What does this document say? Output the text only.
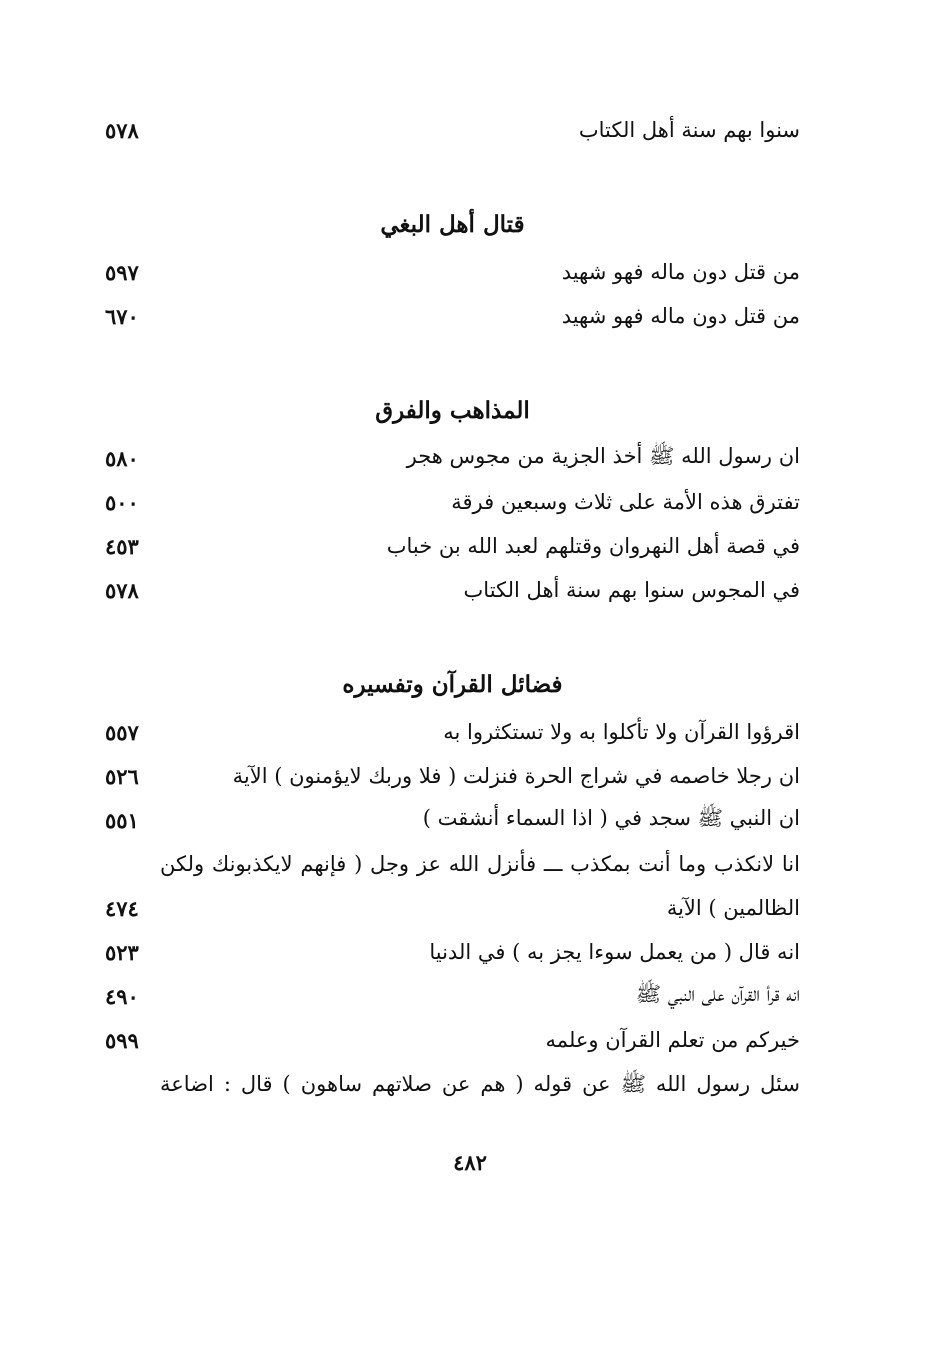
٥٧٨	سنوا بهم سنة أهل الكتاب
قتال أهل البغي
٥٩٧	من قتل دون ماله فهو شهيد
٦٧٠	من قتل دون ماله فهو شهيد
المذاهب والفرق
٥٨٠	ان رسول الله ﷺ أخذ الجزية من مجوس هجر
٥٠٠	تفترق هذه الأمة على ثلاث وسبعين فرقة
٤٥٣	في قصة أهل النهروان وقتلهم لعبد الله بن خباب
٥٧٨	في المجوس سنوا بهم سنة أهل الكتاب
فضائل القرآن وتفسيره
٥٥٧	اقرؤوا القرآن ولا تأكلوا به ولا تستكثروا به
٥٢٦	ان رجلا خاصمه في شراج الحرة فنزلت ( فلا وربك لايؤمنون ) الآية
٥٥١	ان النبي ﷺ سجد في ( اذا السماء أنشقت )
انا لانكذب وما أنت بمكذب ـــ فأنزل الله عز وجل ( فإنهم لايكذبونك ولكن
٤٧٤	الظالمين ) الآية
٥٢٣	انه قال ( من يعمل سوءا يجز به ) في الدنيا
٤٩٠	انه قرأ القرآن على النبي ﷺ
٥٩٩	خيركم من تعلم القرآن وعلمه
سئل رسول الله ﷺ عن قوله ( هم عن صلاتهم ساهون ) قال : اضاعة
٤٨٢
